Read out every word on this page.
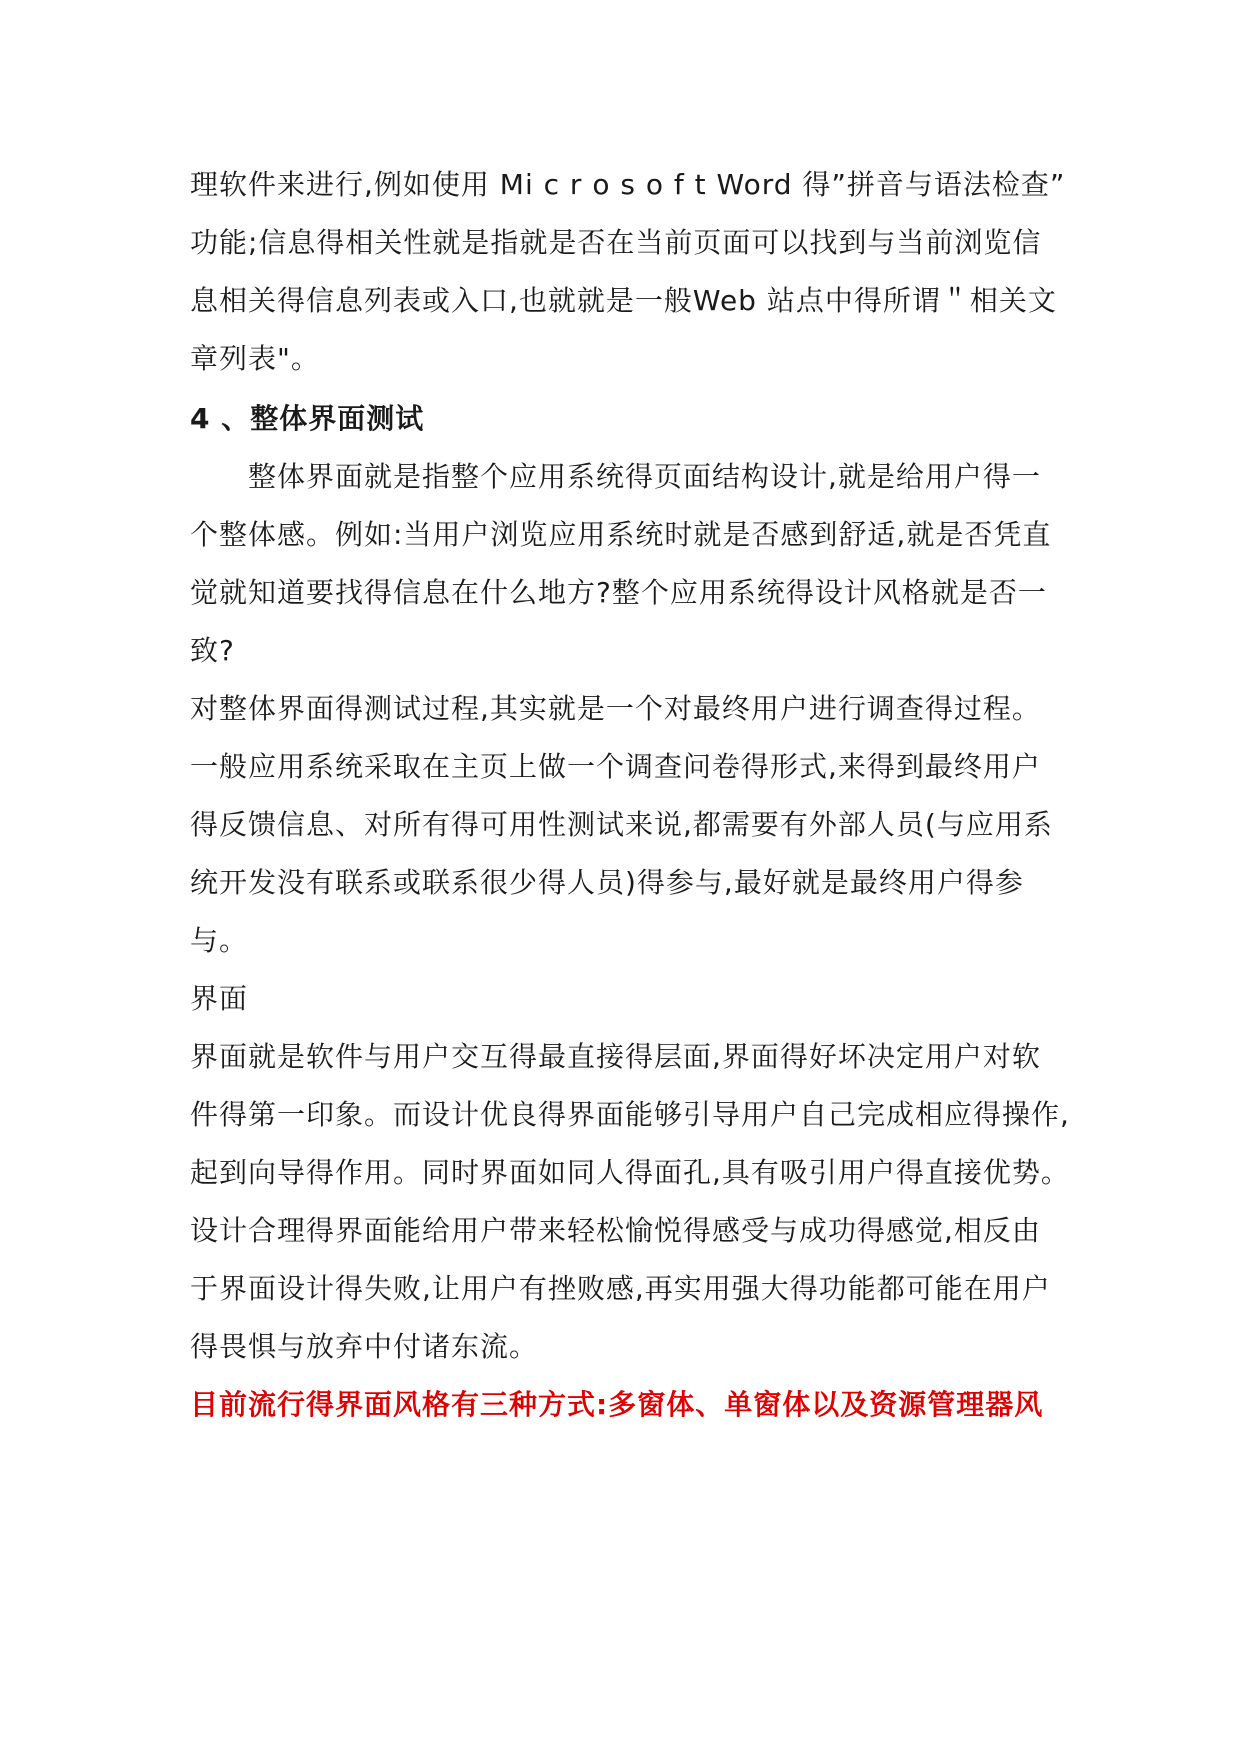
理软件来进行,例如使用 Mi c r o s o f t Word 得”拼音与语法检查”
功能;信息得相关性就是指就是否在当前页面可以找到与当前浏览信
息相关得信息列表或入口,也就就是一般Web 站点中得所谓＂相关文
章列表"。
4 、整体界面测试
整体界面就是指整个应用系统得页面结构设计,就是给用户得一
个整体感。例如:当用户浏览应用系统时就是否感到舒适,就是否凭直
觉就知道要找得信息在什么地方?整个应用系统得设计风格就是否一
致?
对整体界面得测试过程,其实就是一个对最终用户进行调查得过程。
一般应用系统采取在主页上做一个调查问卷得形式,来得到最终用户
得反馈信息、对所有得可用性测试来说,都需要有外部人员(与应用系
统开发没有联系或联系很少得人员)得参与,最好就是最终用户得参
与。
界面
界面就是软件与用户交互得最直接得层面,界面得好坏决定用户对软
件得第一印象。而设计优良得界面能够引导用户自己完成相应得操作,
起到向导得作用。同时界面如同人得面孔,具有吸引用户得直接优势。
设计合理得界面能给用户带来轻松愉悦得感受与成功得感觉,相反由
于界面设计得失败,让用户有挫败感,再实用强大得功能都可能在用户
得畏惧与放弃中付诸东流。
目前流行得界面风格有三种方式:多窗体、单窗体以及资源管理器风
